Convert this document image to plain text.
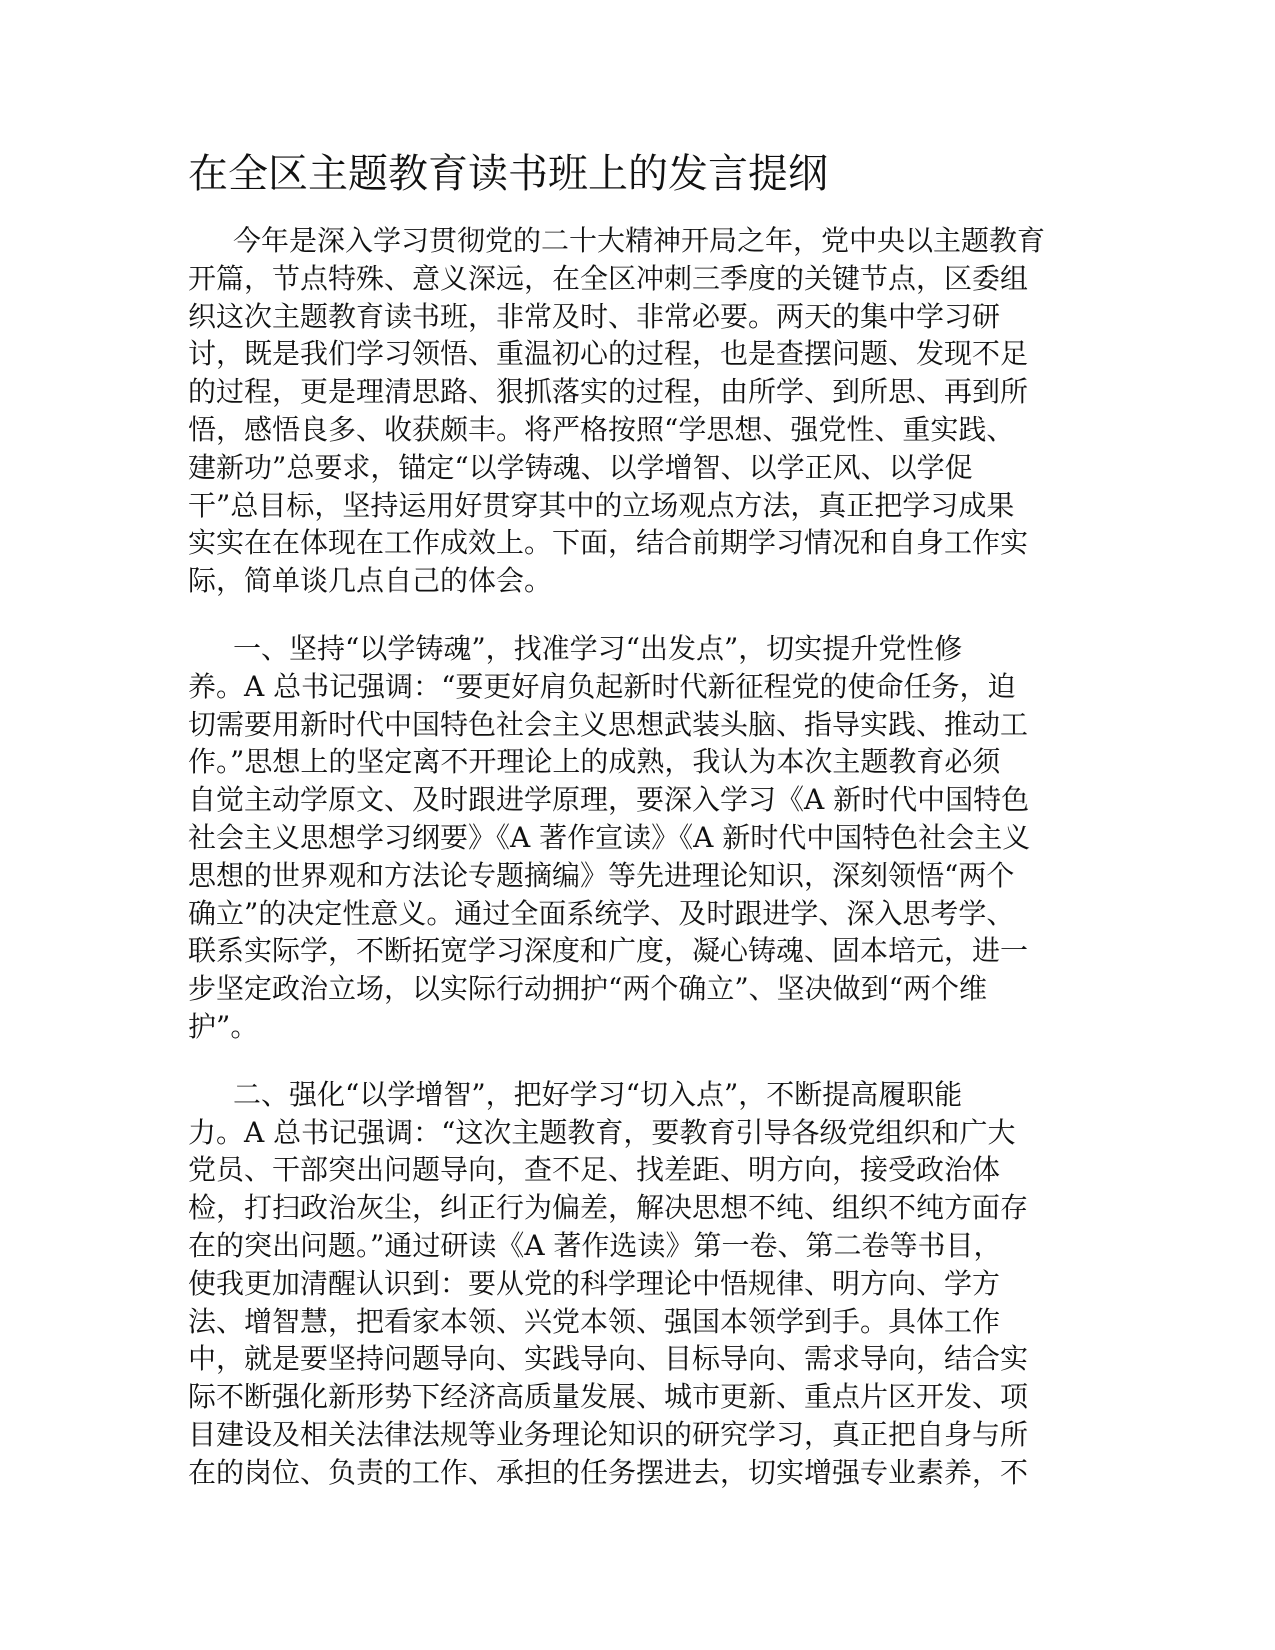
在全区主题教育读书班上的发言提纲
今年是深入学习贯彻党的二十大精神开局之年，党中央以主题教育
开篇，节点特殊、意义深远，在全区冲刺三季度的关键节点，区委组
织这次主题教育读书班，非常及时、非常必要。两天的集中学习研
讨，既是我们学习领悟、重温初心的过程，也是查摆问题、发现不足
的过程，更是理清思路、狠抓落实的过程，由所学、到所思、再到所
悟，感悟良多、收获颇丰。将严格按照“学思想、强党性、重实践、
建新功”总要求，锚定“以学铸魂、以学增智、以学正风、以学促
干”总目标，坚持运用好贯穿其中的立场观点方法，真正把学习成果
实实在在体现在工作成效上。下面，结合前期学习情况和自身工作实
际，简单谈几点自己的体会。
一、坚持“以学铸魂”，找准学习“出发点”，切实提升党性修
养。A 总书记强调：“要更好肩负起新时代新征程党的使命任务，迫
切需要用新时代中国特色社会主义思想武装头脑、指导实践、推动工
作。”思想上的坚定离不开理论上的成熟，我认为本次主题教育必须
自觉主动学原文、及时跟进学原理，要深入学习《A 新时代中国特色
社会主义思想学习纲要》《A 著作宣读》《A 新时代中国特色社会主义
思想的世界观和方法论专题摘编》等先进理论知识，深刻领悟“两个
确立”的决定性意义。通过全面系统学、及时跟进学、深入思考学、
联系实际学，不断拓宽学习深度和广度，凝心铸魂、固本培元，进一
步坚定政治立场，以实际行动拥护“两个确立”、坚决做到“两个维
护”。
二、强化“以学增智”，把好学习“切入点”，不断提高履职能
力。A 总书记强调：“这次主题教育，要教育引导各级党组织和广大
党员、干部突出问题导向，查不足、找差距、明方向，接受政治体
检，打扫政治灰尘，纠正行为偏差，解决思想不纯、组织不纯方面存
在的突出问题。”通过研读《A 著作选读》第一卷、第二卷等书目，
使我更加清醒认识到：要从党的科学理论中悟规律、明方向、学方
法、增智慧，把看家本领、兴党本领、强国本领学到手。具体工作
中，就是要坚持问题导向、实践导向、目标导向、需求导向，结合实
际不断强化新形势下经济高质量发展、城市更新、重点片区开发、项
目建设及相关法律法规等业务理论知识的研究学习，真正把自身与所
在的岗位、负责的工作、承担的任务摆进去，切实增强专业素养，不
